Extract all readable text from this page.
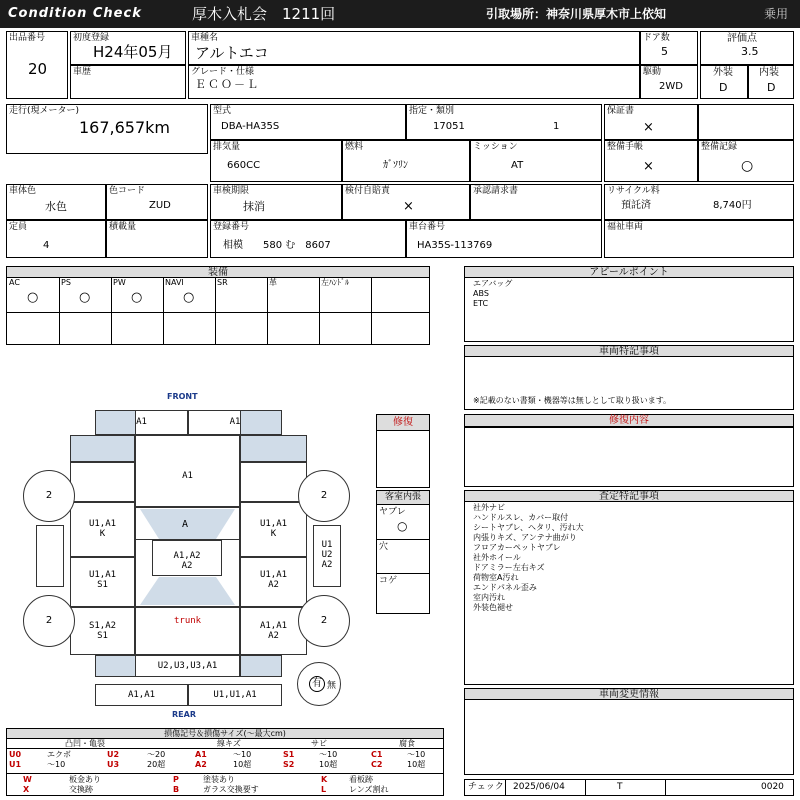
Condition Check	厚木入札会　1211回	引取場所：神奈川県厚木市上依知	乗用
出品番号
20
初度登録
H24年05月
車種名
アルトエコ
ドア数
5
評価点
3.5
車歴	グレード・仕様
ＥＣＯ－Ｌ
駆動
2WD
外装
D
内装
D
走行(現メーター)
167,657km
型式
DBA-HA35S
指定・類別
17051	1
保証書
×
排気量
660CC
燃料
ｶﾞｿﾘﾝ
ミッション
AT
整備手帳
×
整備記録
○
車体色
水色
色コード
ZUD
車検期限
抹消
検付自賠責
×
承認請求書	リサイクル料
預託済	8,740円
定員
4
積載量	登録番号
相模　　580 む　8607
車台番号
HA35S-113769
福祉車両
装備
AC
○
PS
○
PW
○
NAVI
○
SR	革	左ﾊﾝﾄﾞﾙ
アピールポイント
エアバッグ
ABS
ETC
車両特記事項
※記載のない書類・機器等は無しとして取り扱います。
修復内容
査定特記事項
社外ナビ
ハンドルスレ、カバー取付
シートヤブレ、ヘタリ、汚れ大
内張りキズ、アンテナ曲がり
フロアカーペットヤブレ
社外ホイール
ドアミラー左右キズ
荷物室A汚れ
エンドパネル歪み
室内汚れ
外装色褪せ
車両変更情報
チェック 2025/06/04	T	0020
修復
客室内張
ヤブレ
○
穴
コゲ
FRONT
REAR
A1	A1
A1
A
U1,A1
K
U1,A1
K
U1,A1
S1
U1,A1
A2
A1,A2
A2
S1,A2
S1
A1,A1
A2
trunk
U2,U3,U3,A1
A1,A1	U1,U1,A1
U1
U2
A2
2	2
2	2
有 無
損傷記号＆損傷サイズ(～最大cm)
凸凹・亀裂	線キズ	サビ	腐食
U0	エクボ	U2	～20	A1	～10	S1	～10	C1	～10
U1	～10	U3	20超	A2	10超	S2	10超	C2	10超
W	板金あり	P	塗装あり	K	看板跡
X	交換跡	B	ガラス交換要す	L	レンズ割れ
